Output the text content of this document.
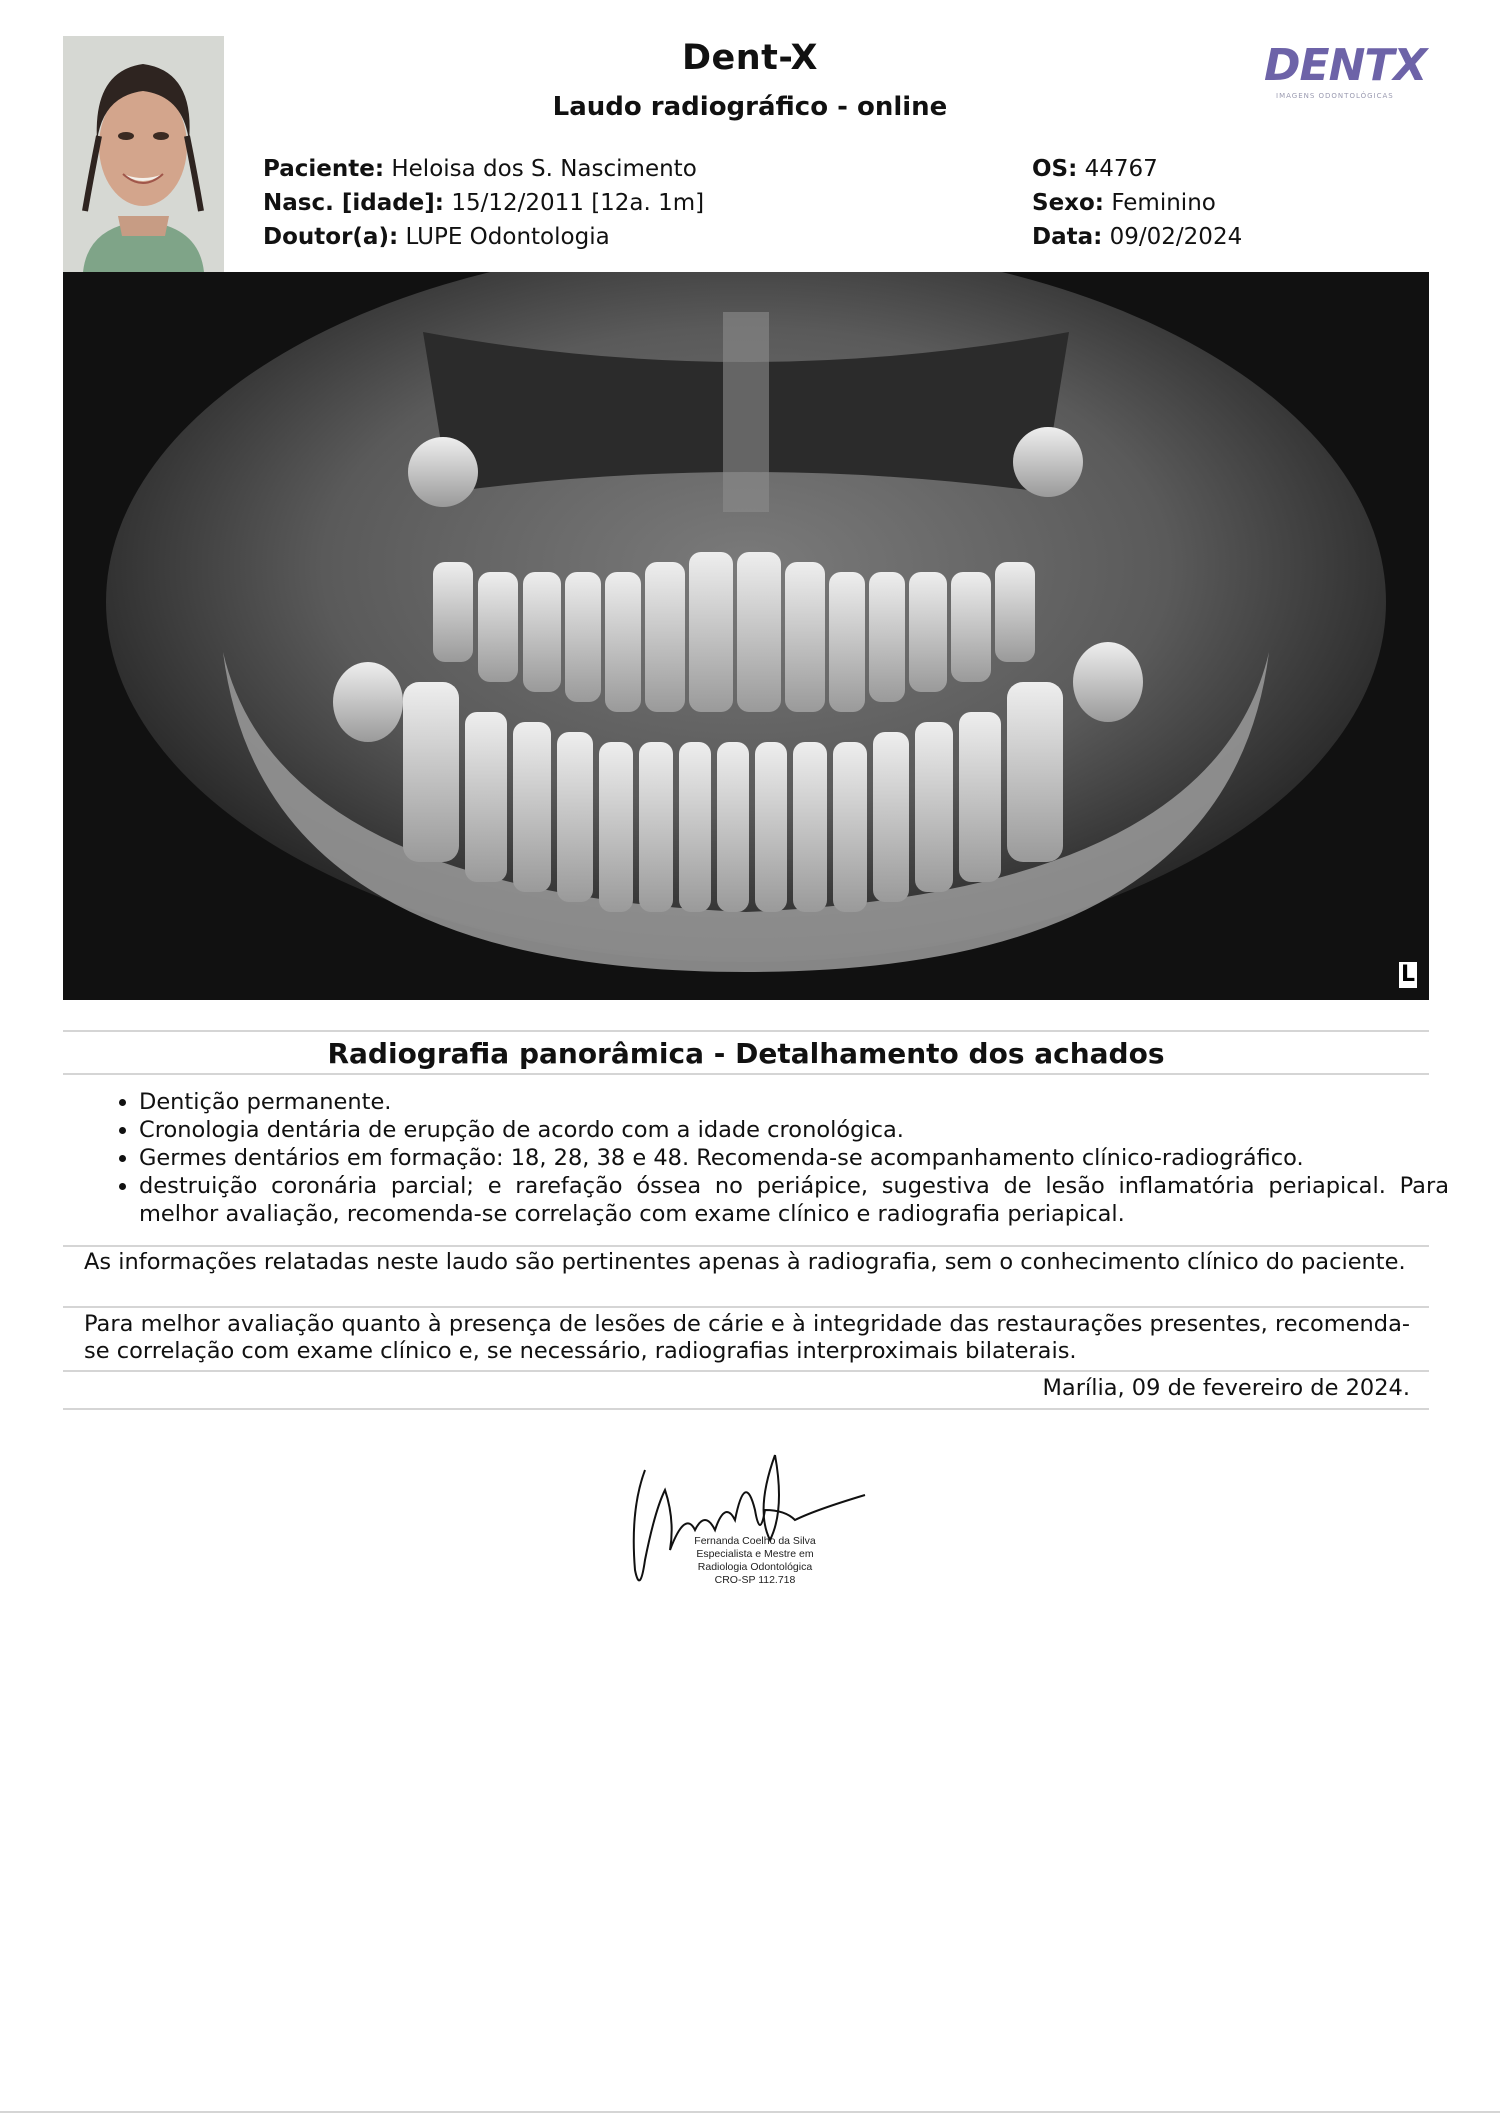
Dent-X
Laudo radiográfico - online
DENTX
IMAGENS ODONTOLÓGICAS
Paciente: Heloisa dos S. Nascimento
Nasc. [idade]: 15/12/2011 [12a. 1m]
Doutor(a): LUPE Odontologia
OS: 44767
Sexo: Feminino
Data: 09/02/2024
L
Radiografia panorâmica - Detalhamento dos achados
• Dentição permanente.
• Cronologia dentária de erupção de acordo com a idade cronológica.
• Germes dentários em formação: 18, 28, 38 e 48. Recomenda-se acompanhamento clínico-radiográfico.
• destruição coronária parcial; e rarefação óssea no periápice, sugestiva de lesão inflamatória periapical. Para melhor avaliação, recomenda-se correlação com exame clínico e radiografia periapical.
As informações relatadas neste laudo são pertinentes apenas à radiografia, sem o conhecimento clínico do paciente.
Para melhor avaliação quanto à presença de lesões de cárie e à integridade das restaurações presentes, recomenda-se correlação com exame clínico e, se necessário, radiografias interproximais bilaterais.
Marília, 09 de fevereiro de 2024.
Fernanda Coelho da Silva
Especialista e Mestre em
Radiologia Odontológica
CRO-SP 112.718
